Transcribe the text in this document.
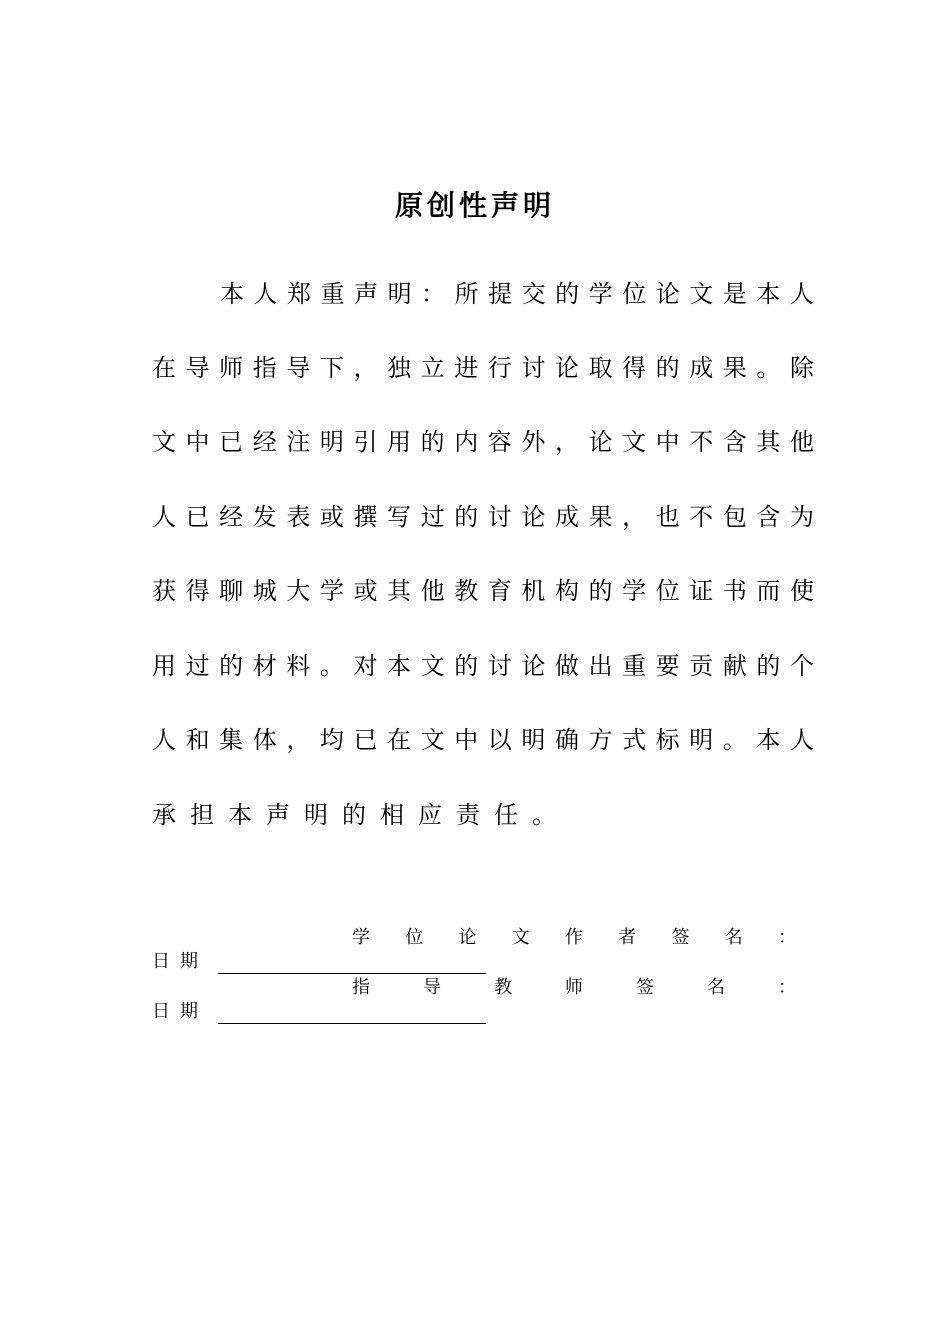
原创性声明
本 人 郑 重 声 明 ： 所 提 交 的 学 位 论 文 是 本 人
在 导 师 指 导 下 ， 独 立 进 行 讨 论 取 得 的 成 果 。 除
文 中 已 经 注 明 引 用 的 内 容 外 ， 论 文 中 不 含 其 他
人 已 经 发 表 或 撰 写 过 的 讨 论 成 果 ， 也 不 包 含 为
获 得 聊 城 大 学 或 其 他 教 育 机 构 的 学 位 证 书 而 使
用 过 的 材 料 。 对 本 文 的 讨 论 做 出 重 要 贡 献 的 个
人 和 集 体 ， 均 已 在 文 中 以 明 确 方 式 标 明 。 本 人
承 担 本 声 明 的 相 应 责 任 。
学 位 论 文 作 者 签 名 ：
日期
指	导	教	师	签	名	：
日期
